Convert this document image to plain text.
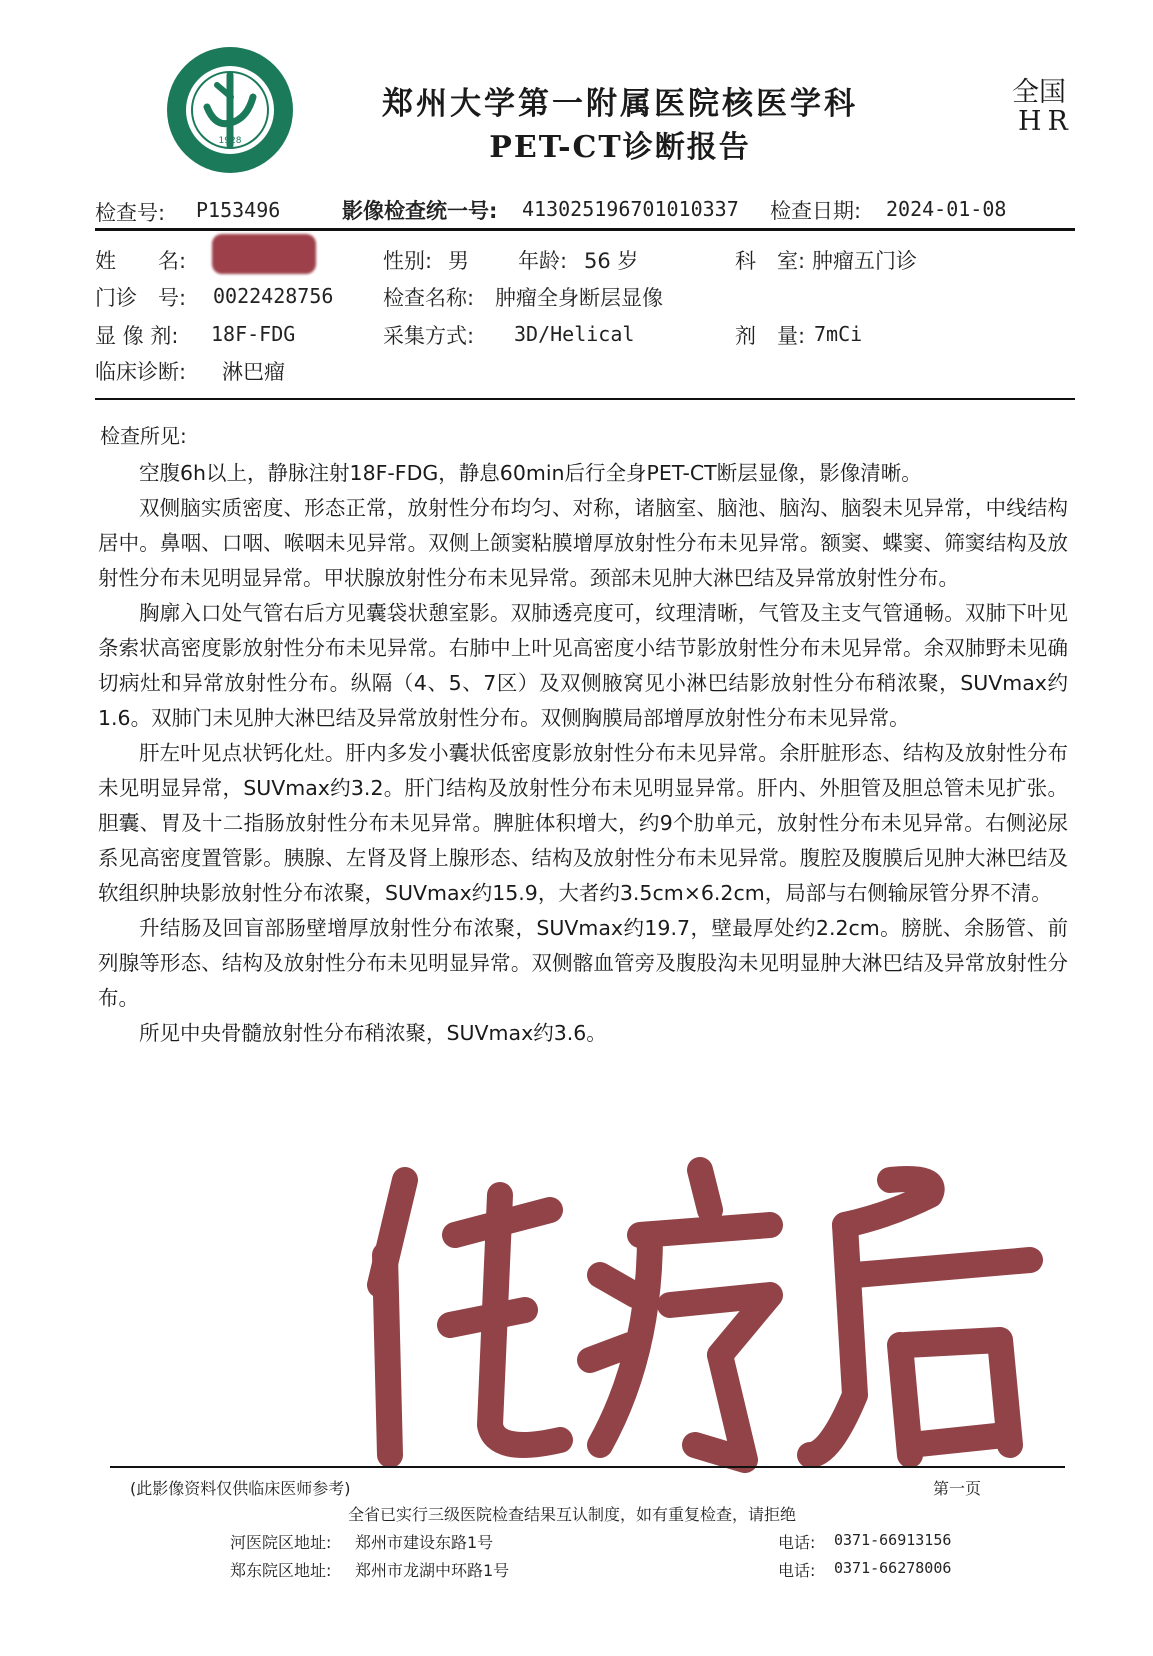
1928
郑州大学第一附属医院核医学科
PET-CT诊断报告
全国
HR
检查号: P153496	影像检查统一号: 413025196701010337 检查日期: 2024-01-08
姓　　名:	性别: 男 年龄: 56 岁	科　室: 肿瘤五门诊
门诊　号: 0022428756 检查名称: 肿瘤全身断层显像
显 像 剂: 18F-FDG	采集方式: 3D/Helical	剂　量: 7mCi
临床诊断: 淋巴瘤
检查所见:

空腹6h以上，静脉注射18F-FDG，静息60min后行全身PET-CT断层显像，影像清晰。

双侧脑实质密度、形态正常，放射性分布均匀、对称，诸脑室、脑池、脑沟、脑裂未见异常，中线结构居中。鼻咽、口咽、喉咽未见异常。双侧上颌窦粘膜增厚放射性分布未见异常。额窦、蝶窦、筛窦结构及放射性分布未见明显异常。甲状腺放射性分布未见异常。颈部未见肿大淋巴结及异常放射性分布。

胸廓入口处气管右后方见囊袋状憩室影。双肺透亮度可，纹理清晰，气管及主支气管通畅。双肺下叶见条索状高密度影放射性分布未见异常。右肺中上叶见高密度小结节影放射性分布未见异常。余双肺野未见确切病灶和异常放射性分布。纵隔（4、5、7区）及双侧腋窝见小淋巴结影放射性分布稍浓聚，SUVmax约1.6。双肺门未见肿大淋巴结及异常放射性分布。双侧胸膜局部增厚放射性分布未见异常。

肝左叶见点状钙化灶。肝内多发小囊状低密度影放射性分布未见异常。余肝脏形态、结构及放射性分布未见明显异常，SUVmax约3.2。肝门结构及放射性分布未见明显异常。肝内、外胆管及胆总管未见扩张。胆囊、胃及十二指肠放射性分布未见异常。脾脏体积增大，约9个肋单元，放射性分布未见异常。右侧泌尿系见高密度置管影。胰腺、左肾及肾上腺形态、结构及放射性分布未见异常。腹腔及腹膜后见肿大淋巴结及软组织肿块影放射性分布浓聚，SUVmax约15.9，大者约3.5cm×6.2cm，局部与右侧输尿管分界不清。

升结肠及回盲部肠壁增厚放射性分布浓聚，SUVmax约19.7，壁最厚处约2.2cm。膀胱、余肠管、前列腺等形态、结构及放射性分布未见明显异常。双侧髂血管旁及腹股沟未见明显肿大淋巴结及异常放射性分布。

所见中央骨髓放射性分布稍浓聚，SUVmax约3.6。

(此影像资料仅供临床医师参考)	第一页
全省已实行三级医院检查结果互认制度，如有重复检查，请拒绝
河医院区地址: 郑州市建设东路1号	电话: 0371-66913156
郑东院区地址: 郑州市龙湖中环路1号	电话: 0371-66278006
